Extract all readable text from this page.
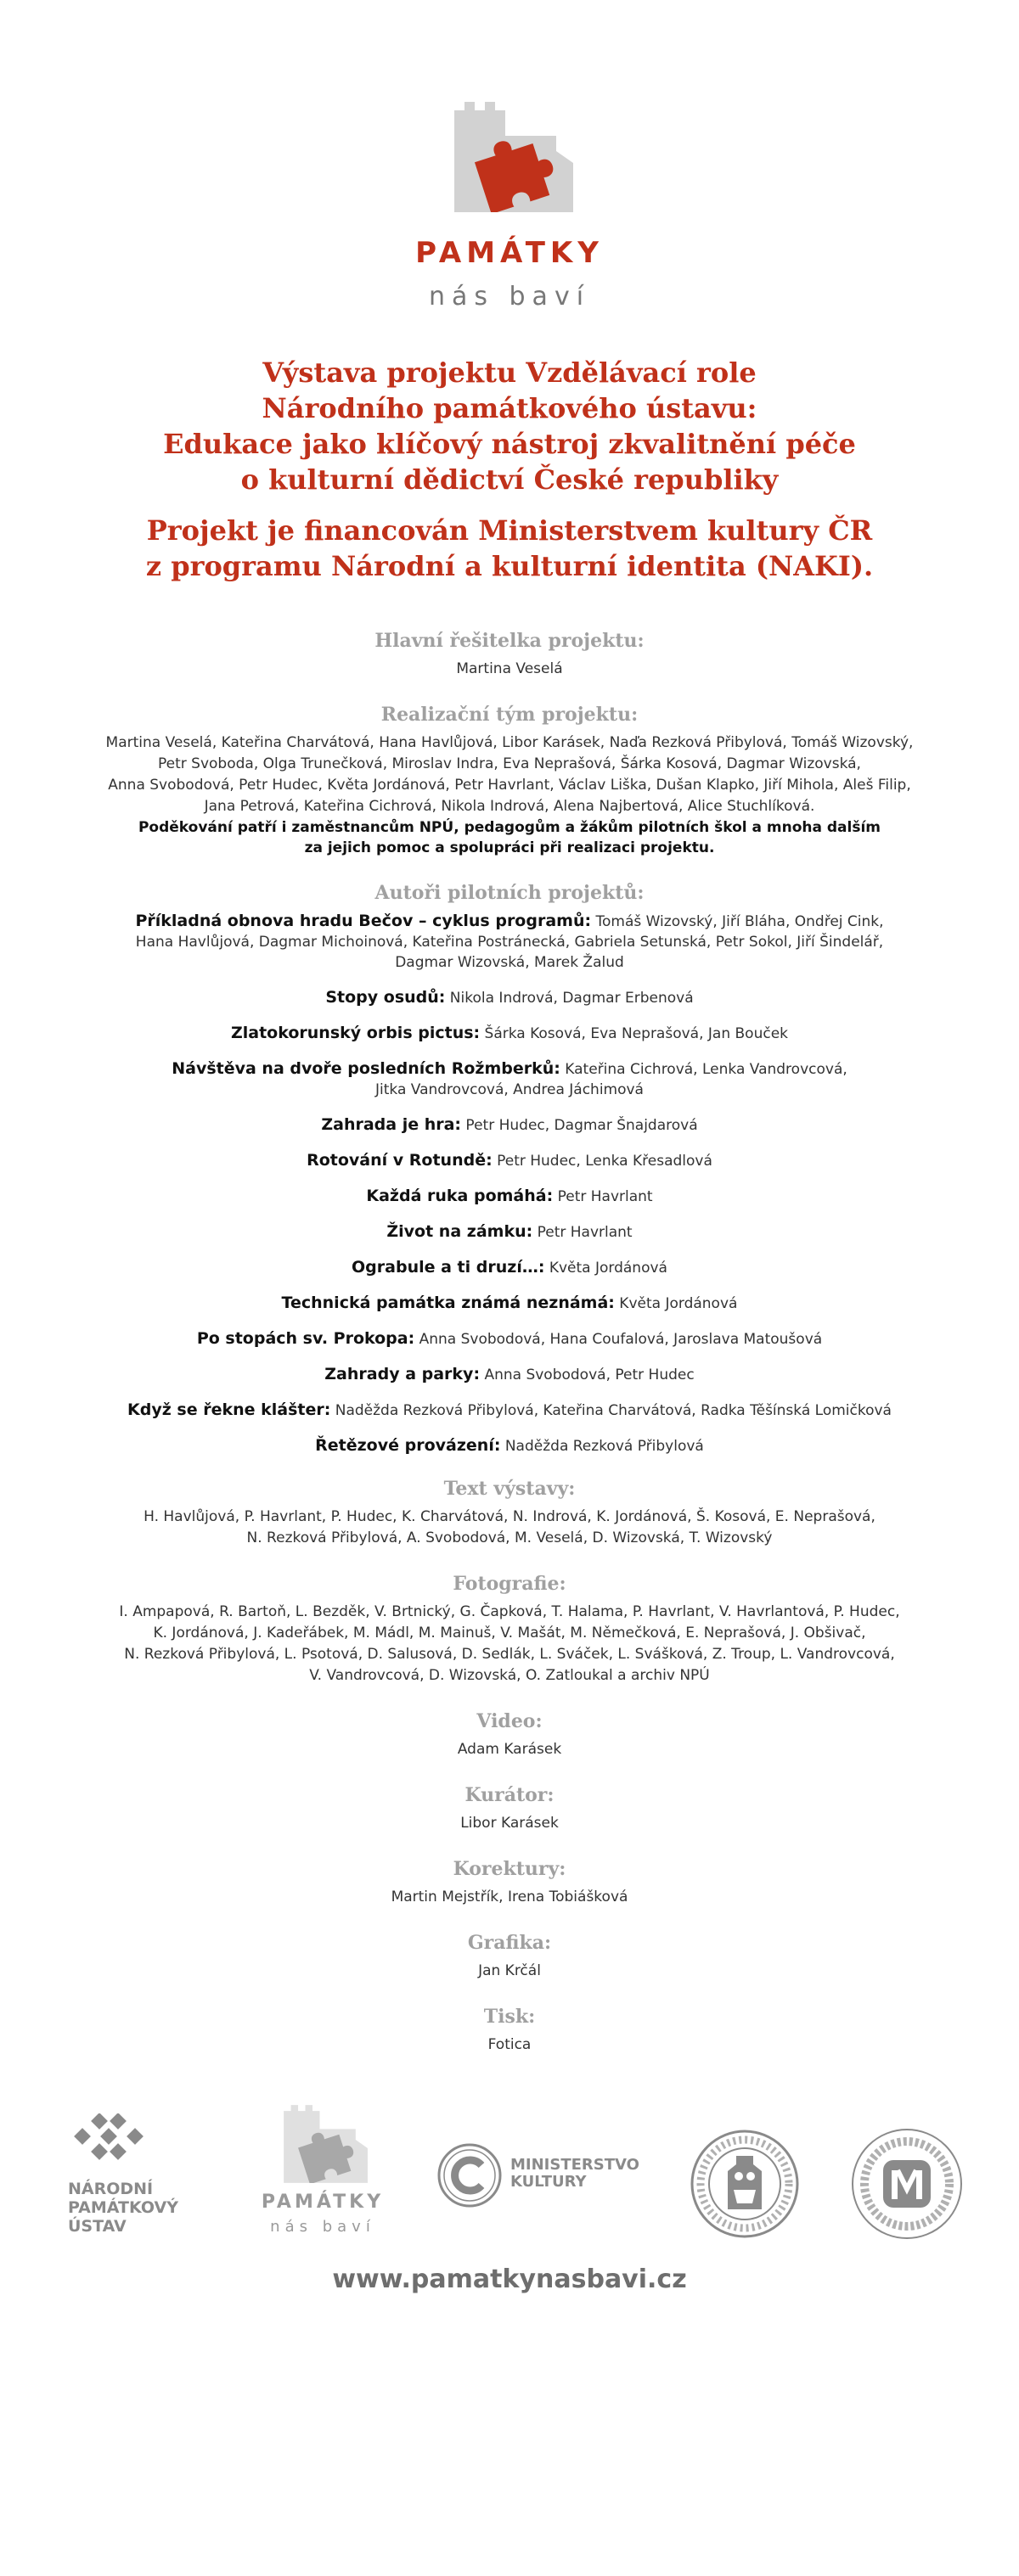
PAMÁTKY
nás baví
Výstava projektu Vzdělávací role
Národního památkového ústavu:
Edukace jako klíčový nástroj zkvalitnění péče
o kulturní dědictví České republiky
Projekt je financován Ministerstvem kultury ČR
z programu Národní a kulturní identita (NAKI).
Hlavní řešitelka projektu:
Martina Veselá
Realizační tým projektu:
Martina Veselá, Kateřina Charvátová, Hana Havlůjová, Libor Karásek, Naďa Rezková Přibylová, Tomáš Wizovský,
Petr Svoboda, Olga Trunečková, Miroslav Indra, Eva Neprašová, Šárka Kosová, Dagmar Wizovská,
Anna Svobodová, Petr Hudec, Květa Jordánová, Petr Havrlant, Václav Liška, Dušan Klapko, Jiří Mihola, Aleš Filip,
Jana Petrová, Kateřina Cichrová, Nikola Indrová, Alena Najbertová, Alice Stuchlíková.
Poděkování patří i zaměstnancům NPÚ, pedagogům a žákům pilotních škol a mnoha dalším
za jejich pomoc a spolupráci při realizaci projektu.
Autoři pilotních projektů:
Příkladná obnova hradu Bečov – cyklus programů: Tomáš Wizovský, Jiří Bláha, Ondřej Cink,
Hana Havlůjová, Dagmar Michoinová, Kateřina Postránecká, Gabriela Setunská, Petr Sokol, Jiří Šindelář,
Dagmar Wizovská, Marek Žalud
Stopy osudů: Nikola Indrová, Dagmar Erbenová
Zlatokorunský orbis pictus: Šárka Kosová, Eva Neprašová, Jan Bouček
Návštěva na dvoře posledních Rožmberků: Kateřina Cichrová, Lenka Vandrovcová,
Jitka Vandrovcová, Andrea Jáchimová
Zahrada je hra: Petr Hudec, Dagmar Šnajdarová
Rotování v Rotundě: Petr Hudec, Lenka Křesadlová
Každá ruka pomáhá: Petr Havrlant
Život na zámku: Petr Havrlant
Ograbule a ti druzí…: Květa Jordánová
Technická památka známá neznámá: Květa Jordánová
Po stopách sv. Prokopa: Anna Svobodová, Hana Coufalová, Jaroslava Matoušová
Zahrady a parky: Anna Svobodová, Petr Hudec
Když se řekne klášter: Naděžda Rezková Přibylová, Kateřina Charvátová, Radka Těšínská Lomičková
Řetězové provázení: Naděžda Rezková Přibylová
Text výstavy:
H. Havlůjová, P. Havrlant, P. Hudec, K. Charvátová, N. Indrová, K. Jordánová, Š. Kosová, E. Neprašová,
N. Rezková Přibylová, A. Svobodová, M. Veselá, D. Wizovská, T. Wizovský
Fotografie:
I. Ampapová, R. Bartoň, L. Bezděk, V. Brtnický, G. Čapková, T. Halama, P. Havrlant, V. Havrlantová, P. Hudec,
K. Jordánová, J. Kadeřábek, M. Mádl, M. Mainuš, V. Mašát, M. Němečková, E. Neprašová, J. Obšivač,
N. Rezková Přibylová, L. Psotová, D. Salusová, D. Sedlák, L. Sváček, L. Svášková, Z. Troup, L. Vandrovcová,
V. Vandrovcová, D. Wizovská, O. Zatloukal a archiv NPÚ
Video:
Adam Karásek
Kurátor:
Libor Karásek
Korektury:
Martin Mejstřík, Irena Tobiášková
Grafika:
Jan Krčál
Tisk:
Fotica
NÁRODNÍ
PAMÁTKOVÝ
ÚSTAV
PAMÁTKY
nás baví
MINISTERSTVO
KULTURY
www.pamatkynasbavi.cz
